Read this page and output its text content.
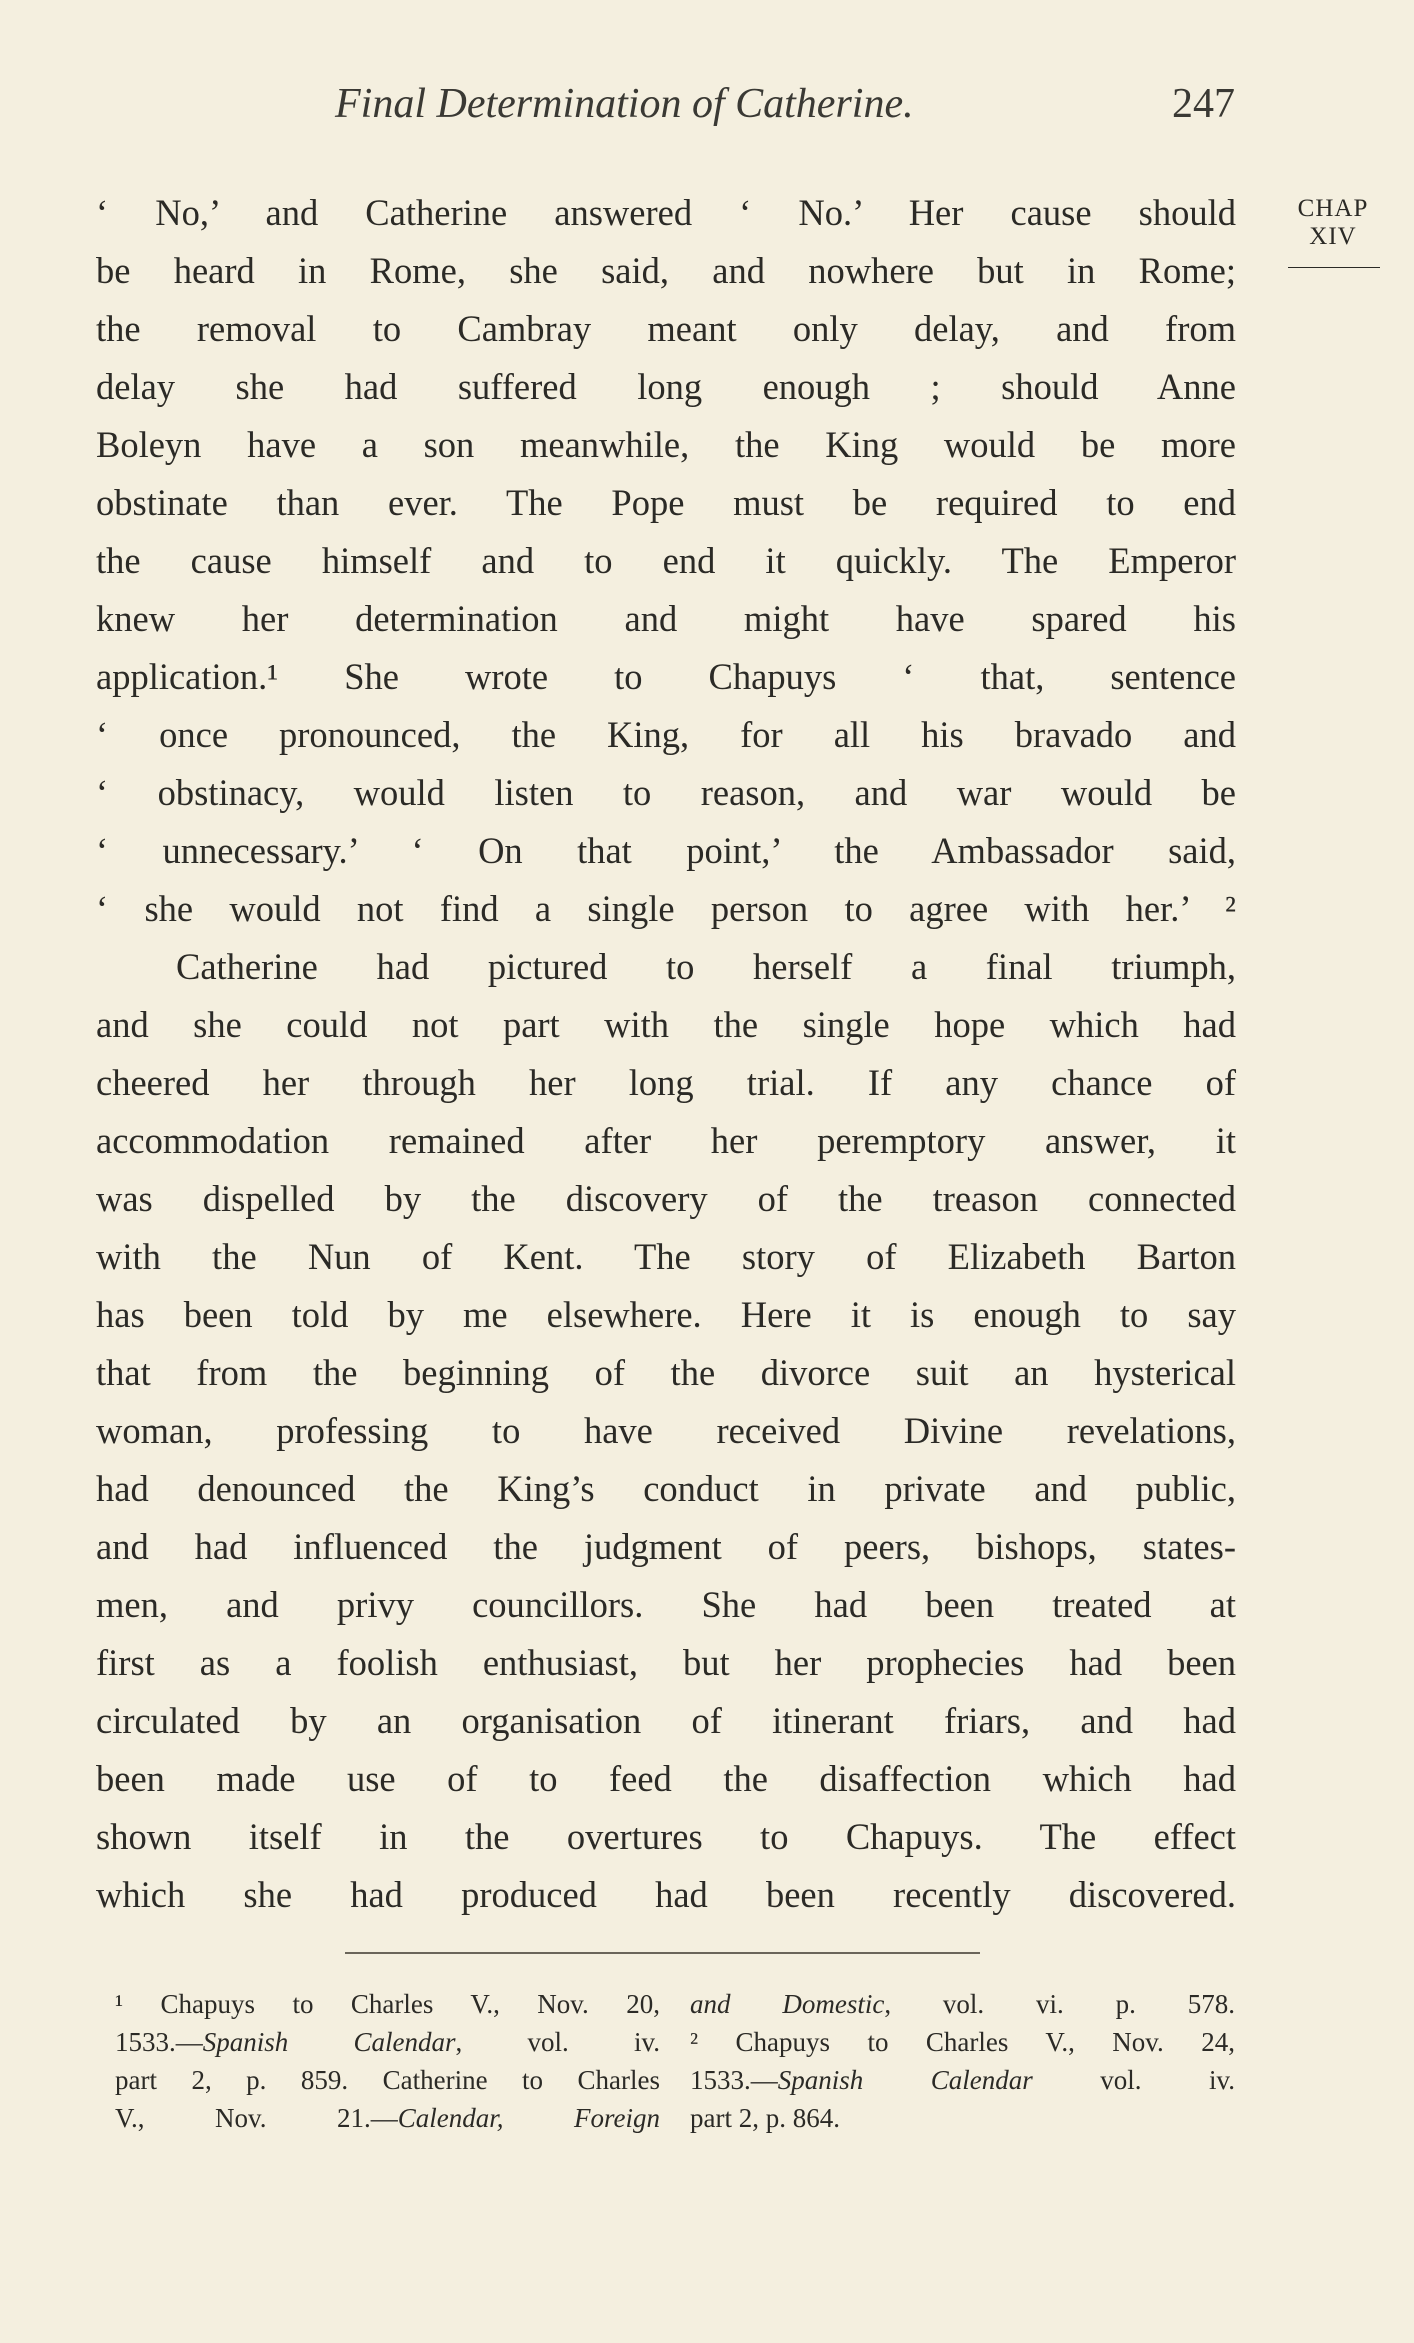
Final Determination of Catherine.	247
CHAP
XIV
‘ No,’ and Catherine answered ‘ No.’ Her cause should
be heard in Rome, she said, and nowhere but in Rome;
the removal to Cambray meant only delay, and from
delay she had suffered long enough ; should Anne
Boleyn have a son meanwhile, the King would be more
obstinate than ever. The Pope must be required to end
the cause himself and to end it quickly. The Emperor
knew her determination and might have spared his
application.¹ She wrote to Chapuys ‘ that, sentence
‘ once pronounced, the King, for all his bravado and
‘ obstinacy, would listen to reason, and war would be
‘ unnecessary.’ ‘ On that point,’ the Ambassador said,
‘ she would not find a single person to agree with her.’ ²
Catherine had pictured to herself a final triumph,
and she could not part with the single hope which had
cheered her through her long trial. If any chance of
accommodation remained after her peremptory answer, it
was dispelled by the discovery of the treason connected
with the Nun of Kent. The story of Elizabeth Barton
has been told by me elsewhere. Here it is enough to say
that from the beginning of the divorce suit an hysterical
woman, professing to have received Divine revelations,
had denounced the King’s conduct in private and public,
and had influenced the judgment of peers, bishops, states-
men, and privy councillors. She had been treated at
first as a foolish enthusiast, but her prophecies had been
circulated by an organisation of itinerant friars, and had
been made use of to feed the disaffection which had
shown itself in the overtures to Chapuys. The effect
which she had produced had been recently discovered.
¹ Chapuys to Charles V., Nov. 20,
1533.—Spanish Calendar, vol. iv.
part 2, p. 859. Catherine to Charles
V., Nov. 21.—Calendar, Foreign
and Domestic, vol. vi. p. 578.
² Chapuys to Charles V., Nov. 24,
1533.—Spanish Calendar vol. iv.
part 2, p. 864.
